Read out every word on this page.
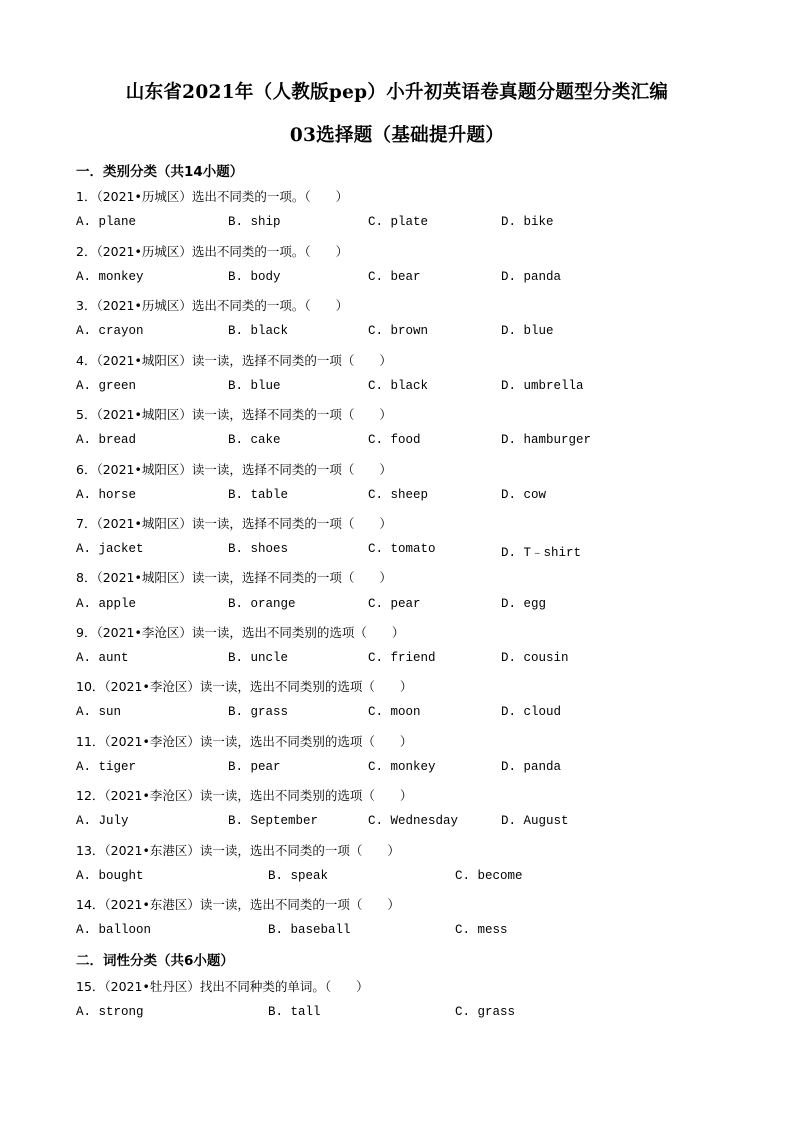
山东省2021年（人教版pep）小升初英语卷真题分题型分类汇编
03选择题（基础提升题）
一．类别分类（共14小题）
1．（2021•历城区）选出不同类的一项。（　　）
A. plane	B. ship	C. plate	D. bike
2．（2021•历城区）选出不同类的一项。（　　）
A. monkey	B. body	C. bear	D. panda
3．（2021•历城区）选出不同类的一项。（　　）
A. crayon	B. black	C. brown	D. blue
4．（2021•城阳区）读一读，选择不同类的一项（　　）
A. green	B. blue	C. black	D. umbrella
5．（2021•城阳区）读一读，选择不同类的一项（　　）
A. bread	B. cake	C. food	D. hamburger
6．（2021•城阳区）读一读，选择不同类的一项（　　）
A. horse	B. table	C. sheep	D. cow
7．（2021•城阳区）读一读，选择不同类的一项（　　）
A. jacket	B. shoes	C. tomato	D. T﹣shirt
8．（2021•城阳区）读一读，选择不同类的一项（　　）
A. apple	B. orange	C. pear	D. egg
9．（2021•李沧区）读一读，选出不同类别的选项（　　）
A. aunt	B. uncle	C. friend	D. cousin
10．（2021•李沧区）读一读，选出不同类别的选项（　　）
A. sun	B. grass	C. moon	D. cloud
11．（2021•李沧区）读一读，选出不同类别的选项（　　）
A. tiger	B. pear	C. monkey	D. panda
12．（2021•李沧区）读一读，选出不同类别的选项（　　）
A. July	B. September	C. Wednesday	D. August
13．（2021•东港区）读一读，选出不同类的一项（　　）
A. bought	B. speak	C. become
14．（2021•东港区）读一读，选出不同类的一项（　　）
A. balloon	B. baseball	C. mess
二．词性分类（共6小题）
15．（2021•牡丹区）找出不同种类的单词。（　　）
A. strong	B. tall	C. grass
